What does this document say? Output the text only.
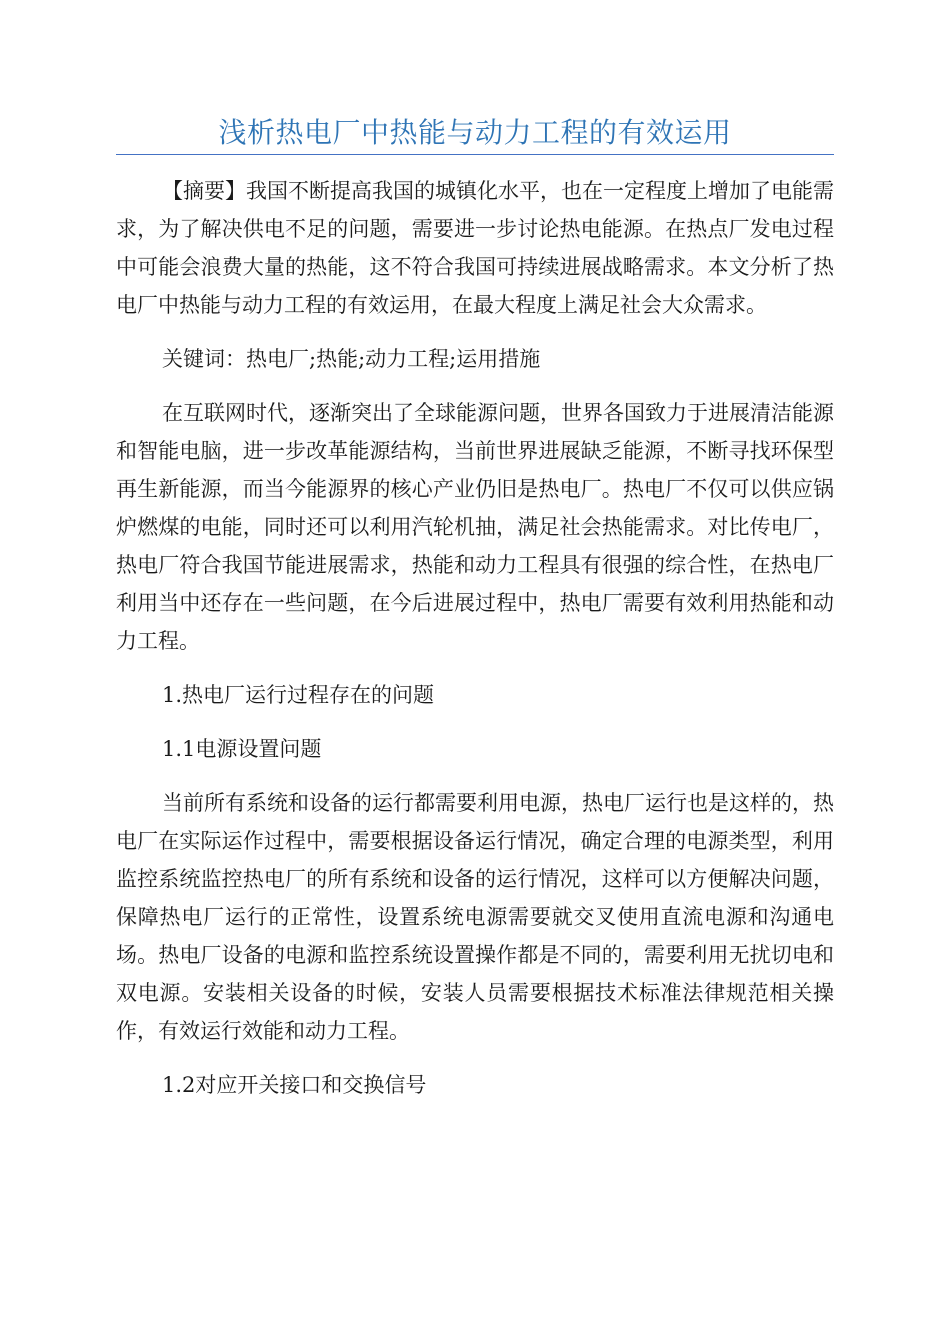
浅析热电厂中热能与动力工程的有效运用

【摘要】我国不断提高我国的城镇化水平，也在一定程度上增加了电能需求，为了解决供电不足的问题，需要进一步讨论热电能源。在热点厂发电过程中可能会浪费大量的热能，这不符合我国可持续进展战略需求。本文分析了热电厂中热能与动力工程的有效运用，在最大程度上满足社会大众需求。

关键词：热电厂;热能;动力工程;运用措施

在互联网时代，逐渐突出了全球能源问题，世界各国致力于进展清洁能源和智能电脑，进一步改革能源结构，当前世界进展缺乏能源，不断寻找环保型再生新能源，而当今能源界的核心产业仍旧是热电厂。热电厂不仅可以供应锅炉燃煤的电能，同时还可以利用汽轮机抽，满足社会热能需求。对比传电厂，热电厂符合我国节能进展需求，热能和动力工程具有很强的综合性，在热电厂利用当中还存在一些问题，在今后进展过程中，热电厂需要有效利用热能和动力工程。

1.热电厂运行过程存在的问题

1.1电源设置问题

当前所有系统和设备的运行都需要利用电源，热电厂运行也是这样的，热电厂在实际运作过程中，需要根据设备运行情况，确定合理的电源类型，利用监控系统监控热电厂的所有系统和设备的运行情况，这样可以方便解决问题，保障热电厂运行的正常性，设置系统电源需要就交叉使用直流电源和沟通电场。热电厂设备的电源和监控系统设置操作都是不同的，需要利用无扰切电和双电源。安装相关设备的时候，安装人员需要根据技术标准法律规范相关操作，有效运行效能和动力工程。

1.2对应开关接口和交换信号
